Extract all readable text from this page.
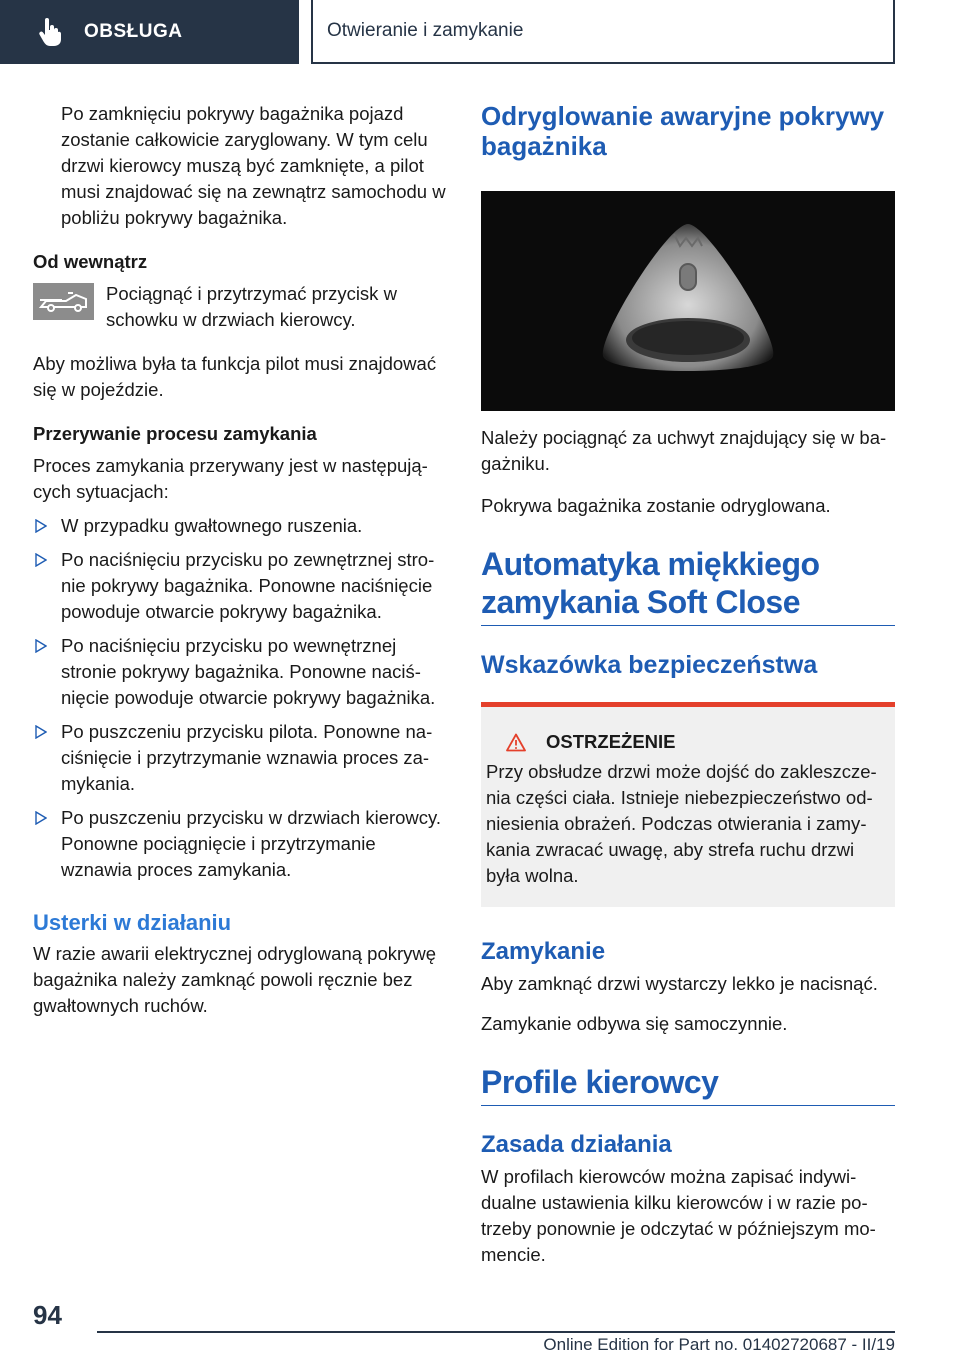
OBSŁUGA	Otwieranie i zamykanie

Po zamknięciu pokrywy bagażnika pojazd zostanie całkowicie zaryglowany. W tym celu drzwi kierowcy muszą być zamknięte, a pilot musi znajdować się na zewnątrz samochodu w pobliżu pokrywy bagażnika.

Od wewnątrz

Pociągnąć i przytrzymać przycisk w schowku w drzwiach kierowcy.

Aby możliwa była ta funkcja pilot musi znajdować się w pojeździe.

Przerywanie procesu zamykania

Proces zamykania przerywany jest w następujących sytuacjach:

W przypadku gwałtownego ruszenia.
Po naciśnięciu przycisku po zewnętrznej stronie pokrywy bagażnika. Ponowne naciśnięcie powoduje otwarcie pokrywy bagażnika.
Po naciśnięciu przycisku po wewnętrznej stronie pokrywy bagażnika. Ponowne naciśnięcie powoduje otwarcie pokrywy bagażnika.
Po puszczeniu przycisku pilota. Ponowne naciśnięcie i przytrzymanie wznawia proces zamykania.
Po puszczeniu przycisku w drzwiach kierowcy. Ponowne pociągnięcie i przytrzymanie wznawia proces zamykania.

Usterki w działaniu

W razie awarii elektrycznej odryglowaną pokrywę bagażnika należy zamknąć powoli ręcznie bez gwałtownych ruchów.

Odryglowanie awaryjne pokrywy bagażnika

Należy pociągnąć za uchwyt znajdujący się w bagażniku.

Pokrywa bagażnika zostanie odryglowana.

Automatyka miękkiego zamykania Soft Close

Wskazówka bezpieczeństwa

OSTRZEŻENIE

Przy obsłudze drzwi może dojść do zakleszczenia części ciała. Istnieje niebezpieczeństwo odniesienia obrażeń. Podczas otwierania i zamykania zwracać uwagę, aby strefa ruchu drzwi była wolna.

Zamykanie

Aby zamknąć drzwi wystarczy lekko je nacisnąć.

Zamykanie odbywa się samoczynnie.

Profile kierowcy

Zasada działania

W profilach kierowców można zapisać indywidualne ustawienia kilku kierowców i w razie potrzeby ponownie je odczytać w późniejszym momencie.

94
Online Edition for Part no. 01402720687 - II/19
